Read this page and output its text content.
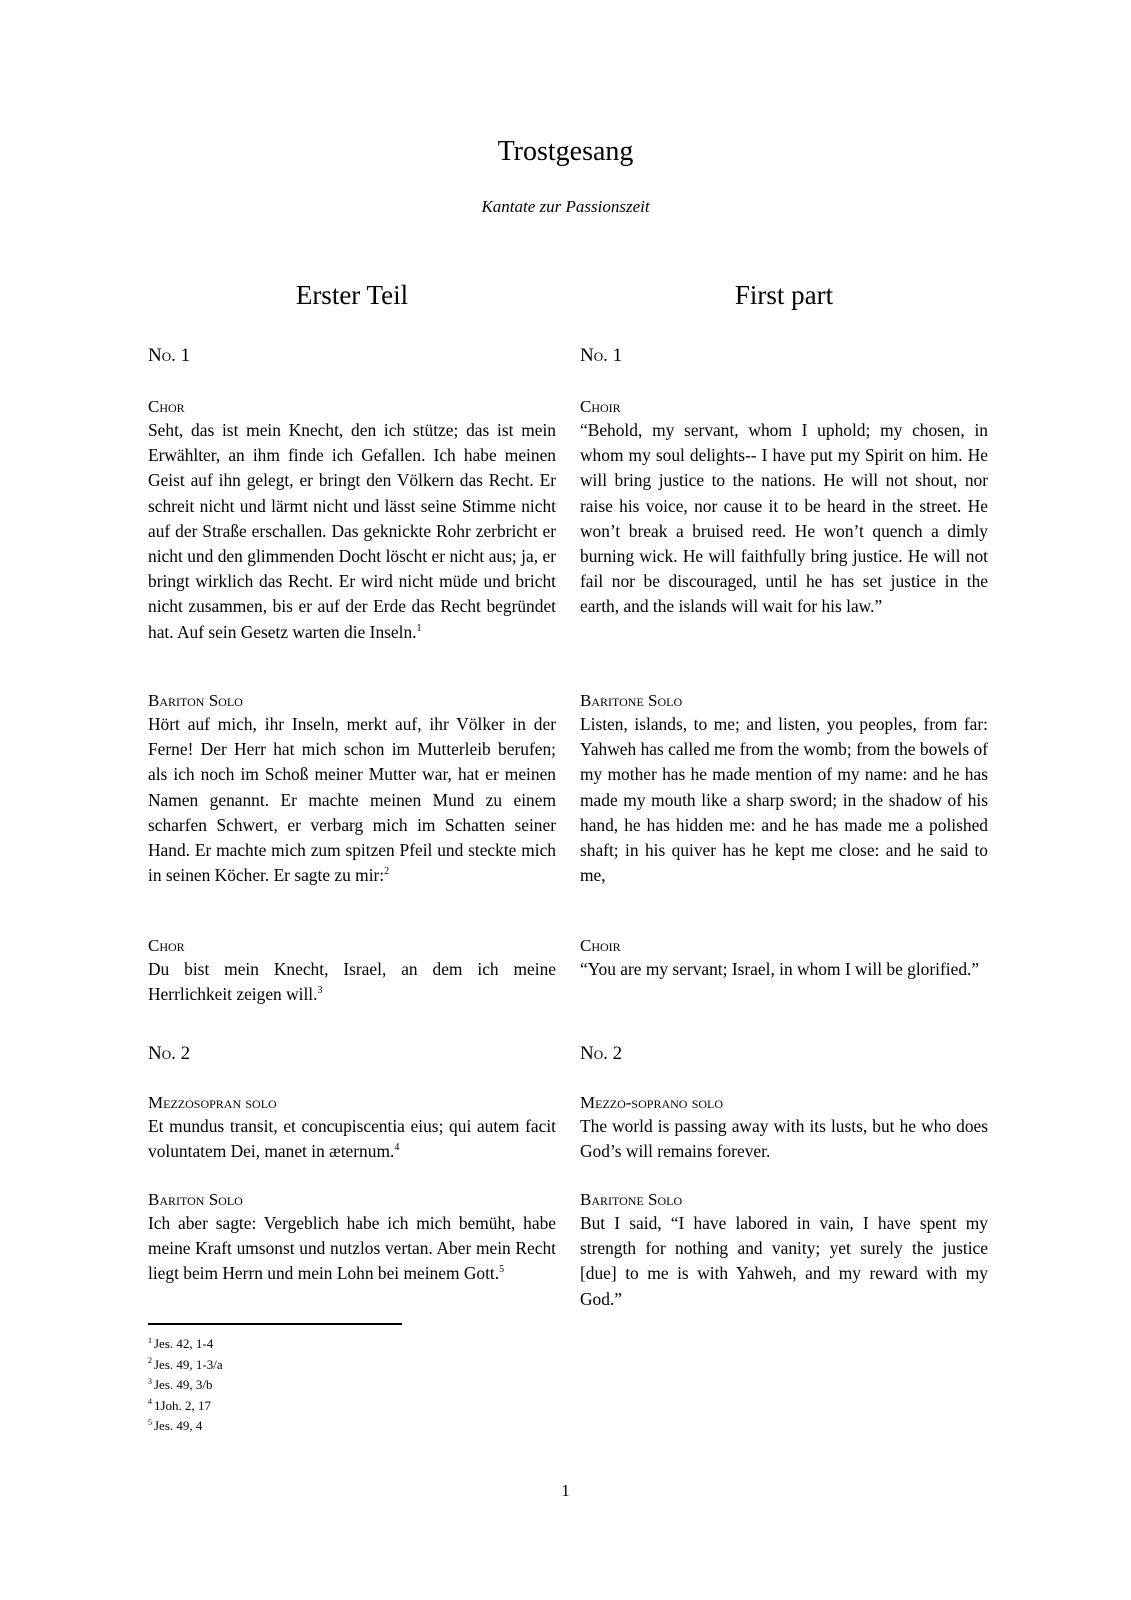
Trostgesang
Kantate zur Passionszeit
Erster Teil
No. 1
Chor
Seht, das ist mein Knecht, den ich stütze; das ist mein Erwählter, an ihm finde ich Gefallen. Ich habe meinen Geist auf ihn gelegt, er bringt den Völkern das Recht. Er schreit nicht und lärmt nicht und lässt seine Stimme nicht auf der Straße erschallen. Das geknickte Rohr zerbricht er nicht und den glimmenden Docht löscht er nicht aus; ja, er bringt wirklich das Recht. Er wird nicht müde und bricht nicht zusammen, bis er auf der Erde das Recht begründet hat. Auf sein Gesetz warten die Inseln.$^1$
Bariton Solo
Hört auf mich, ihr Inseln, merkt auf, ihr Völker in der Ferne! Der Herr hat mich schon im Mutterleib berufen; als ich noch im Schoß meiner Mutter war, hat er meinen Namen genannt. Er machte meinen Mund zu einem scharfen Schwert, er verbarg mich im Schatten seiner Hand. Er machte mich zum spitzen Pfeil und steckte mich in seinen Köcher. Er sagte zu mir:$^2$
Chor
Du bist mein Knecht, Israel, an dem ich meine Herrlichkeit zeigen will.$^3$
No. 2
Mezzosopran solo
Et mundus transit, et concupiscentia eius; qui autem facit voluntatem Dei, manet in æternum.$^4$
Bariton Solo
Ich aber sagte: Vergeblich habe ich mich bemüht, habe meine Kraft umsonst und nutzlos vertan. Aber mein Recht liegt beim Herrn und mein Lohn bei meinem Gott.$^5$
First part
No. 1
Choir
“Behold, my servant, whom I uphold; my chosen, in whom my soul delights-- I have put my Spirit on him. He will bring justice to the nations. He will not shout, nor raise his voice, nor cause it to be heard in the street. He won’t break a bruised reed. He won’t quench a dimly burning wick. He will faithfully bring justice. He will not fail nor be discouraged, until he has set justice in the earth, and the islands will wait for his law.”
Baritone Solo
Listen, islands, to me; and listen, you peoples, from far: Yahweh has called me from the womb; from the bowels of my mother has he made mention of my name: and he has made my mouth like a sharp sword; in the shadow of his hand, he has hidden me: and he has made me a polished shaft; in his quiver has he kept me close: and he said to me,
Choir
“You are my servant; Israel, in whom I will be glorified.”
No. 2
Mezzo-soprano solo
The world is passing away with its lusts, but he who does God’s will remains forever.
Baritone Solo
But I said, “I have labored in vain, I have spent my strength for nothing and vanity; yet surely the justice [due] to me is with Yahweh, and my reward with my God.”
$^1$ Jes. 42, 1-4
$^2$ Jes. 49, 1-3/a
$^3$ Jes. 49, 3/b
$^4$ 1Joh. 2, 17
$^5$ Jes. 49, 4
1
